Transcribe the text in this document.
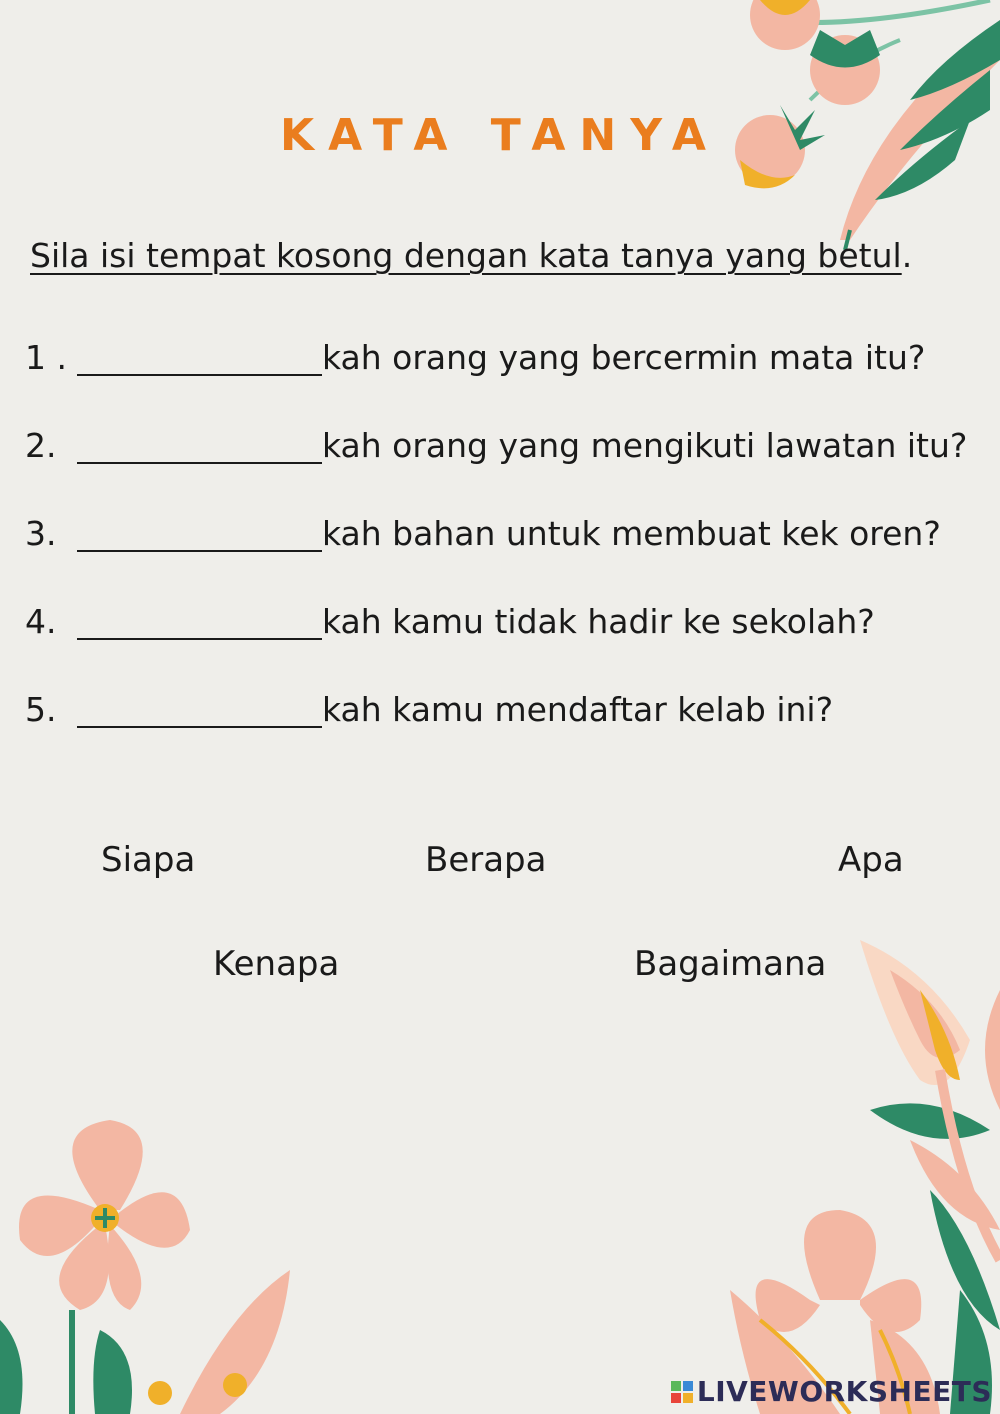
KATA TANYA
Sila isi tempat kosong dengan kata tanya yang betul.
1 .	kah orang yang bercermin mata itu?
2.	kah orang yang mengikuti lawatan itu?
3.	kah bahan untuk membuat kek oren?
4.	kah kamu tidak hadir ke sekolah?
5.	kah kamu mendaftar kelab ini?
Siapa	Berapa	Apa
Kenapa	Bagaimana
LIVEWORKSHEETS
